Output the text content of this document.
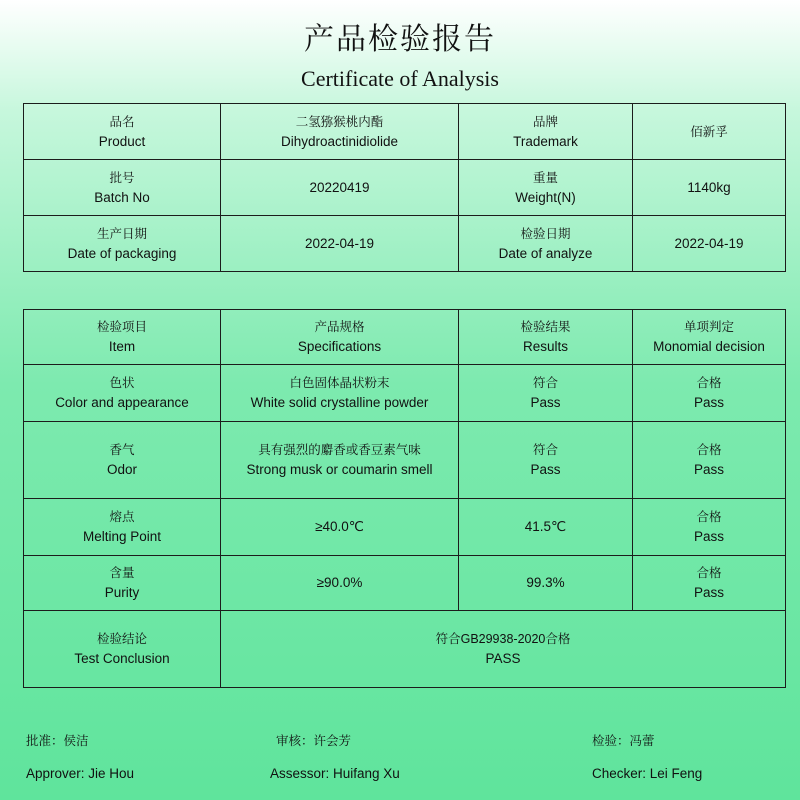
产品检验报告
Certificate of Analysis
品名
Product	二氢猕猴桃内酯
Dihydroactinidiolide	品牌
Trademark	佰新孚

批号
Batch No	20220419	重量
Weight(N)	1140kg

生产日期
Date of packaging	2022-04-19	检验日期
Date of analyze	2022-04-19
检验项目
Item	产品规格
Specifications	检验结果
Results	单项判定
Monomial decision

色状
Color and appearance	白色固体晶状粉末
White solid crystalline powder	符合
Pass	合格
Pass

香气
Odor	具有强烈的麝香或香豆素气味
Strong musk or coumarin smell	符合
Pass	合格
Pass

熔点
Melting Point	≥40.0℃	41.5℃	合格
Pass

含量
Purity	≥90.0%	99.3%	合格
Pass

检验结论
Test Conclusion	符合GB29938-2020合格
PASS		
批准：侯洁
Approver: Jie Hou
审核：许会芳
Assessor: Huifang Xu
检验：冯蕾
Checker: Lei Feng
